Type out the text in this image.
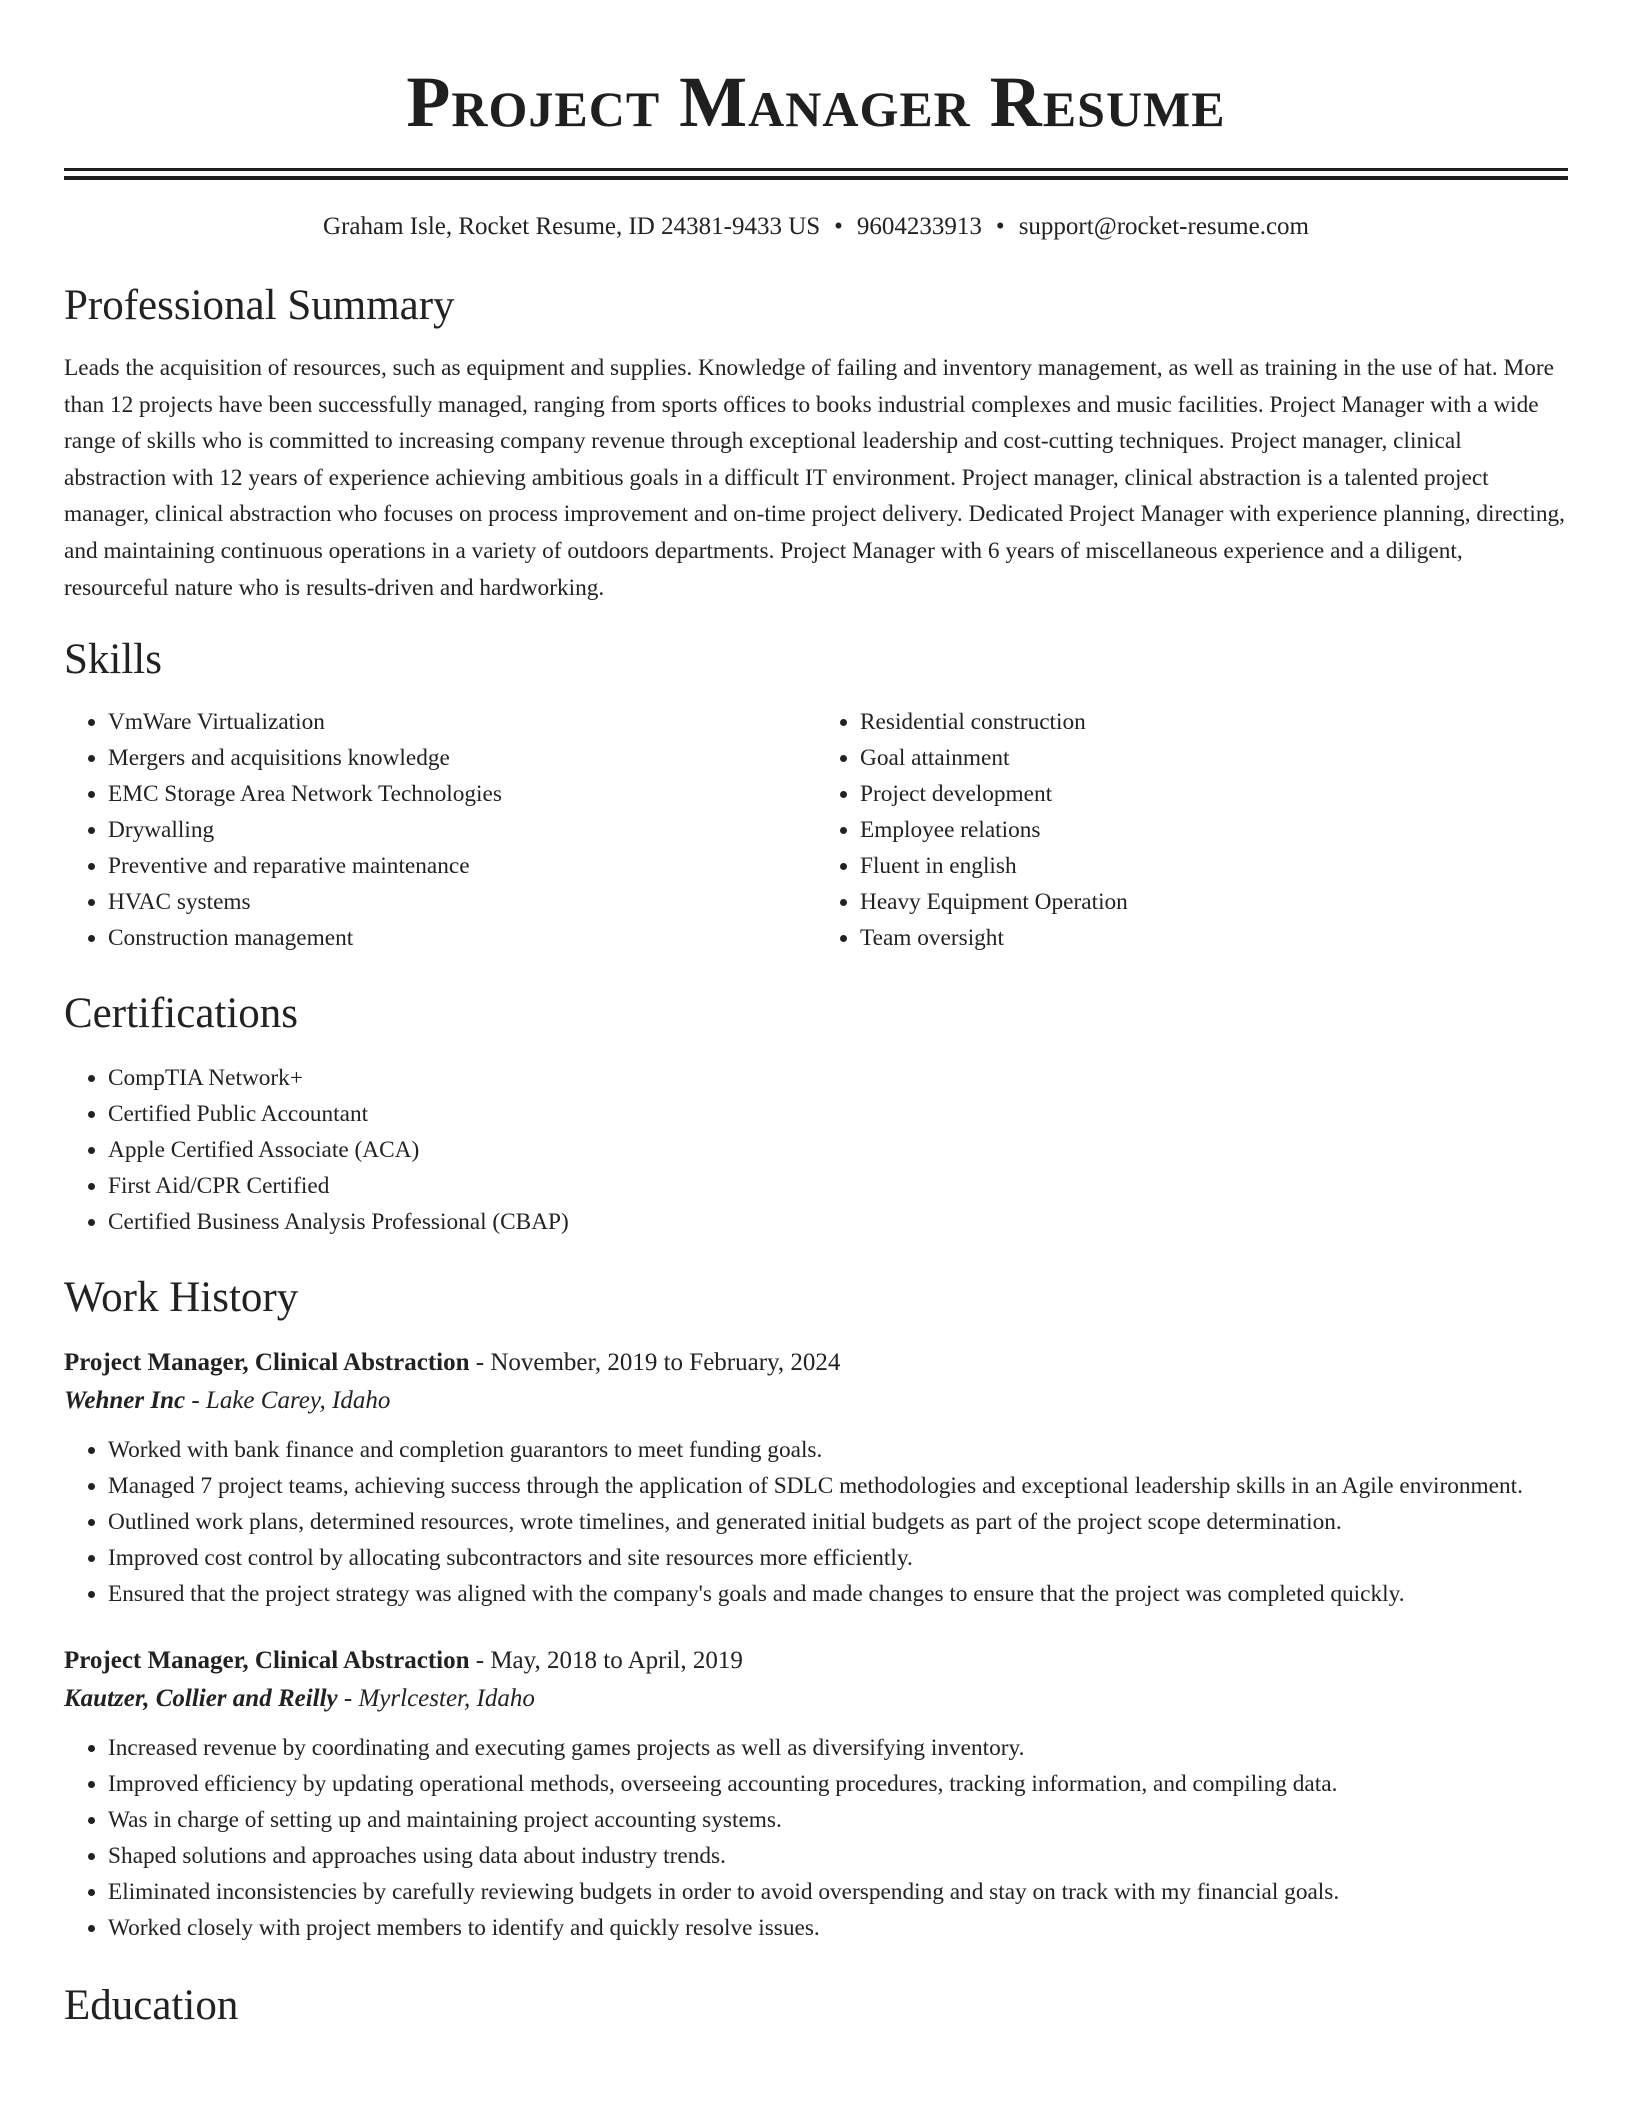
Project Manager Resume
Graham Isle, Rocket Resume, ID 24381-9433 US • 9604233913 • support@rocket-resume.com
Professional Summary
Leads the acquisition of resources, such as equipment and supplies. Knowledge of failing and inventory management, as well as training in the use of hat. More than 12 projects have been successfully managed, ranging from sports offices to books industrial complexes and music facilities. Project Manager with a wide range of skills who is committed to increasing company revenue through exceptional leadership and cost-cutting techniques. Project manager, clinical abstraction with 12 years of experience achieving ambitious goals in a difficult IT environment. Project manager, clinical abstraction is a talented project manager, clinical abstraction who focuses on process improvement and on-time project delivery. Dedicated Project Manager with experience planning, directing, and maintaining continuous operations in a variety of outdoors departments. Project Manager with 6 years of miscellaneous experience and a diligent, resourceful nature who is results-driven and hardworking.
Skills
• VmWare Virtualization
• Mergers and acquisitions knowledge
• EMC Storage Area Network Technologies
• Drywalling
• Preventive and reparative maintenance
• HVAC systems
• Construction management
• Residential construction
• Goal attainment
• Project development
• Employee relations
• Fluent in english
• Heavy Equipment Operation
• Team oversight
Certifications
• CompTIA Network+
• Certified Public Accountant
• Apple Certified Associate (ACA)
• First Aid/CPR Certified
• Certified Business Analysis Professional (CBAP)
Work History
Project Manager, Clinical Abstraction - November, 2019 to February, 2024
Wehner Inc - Lake Carey, Idaho
• Worked with bank finance and completion guarantors to meet funding goals.
• Managed 7 project teams, achieving success through the application of SDLC methodologies and exceptional leadership skills in an Agile environment.
• Outlined work plans, determined resources, wrote timelines, and generated initial budgets as part of the project scope determination.
• Improved cost control by allocating subcontractors and site resources more efficiently.
• Ensured that the project strategy was aligned with the company's goals and made changes to ensure that the project was completed quickly.
Project Manager, Clinical Abstraction - May, 2018 to April, 2019
Kautzer, Collier and Reilly - Myrlcester, Idaho
• Increased revenue by coordinating and executing games projects as well as diversifying inventory.
• Improved efficiency by updating operational methods, overseeing accounting procedures, tracking information, and compiling data.
• Was in charge of setting up and maintaining project accounting systems.
• Shaped solutions and approaches using data about industry trends.
• Eliminated inconsistencies by carefully reviewing budgets in order to avoid overspending and stay on track with my financial goals.
• Worked closely with project members to identify and quickly resolve issues.
Education
